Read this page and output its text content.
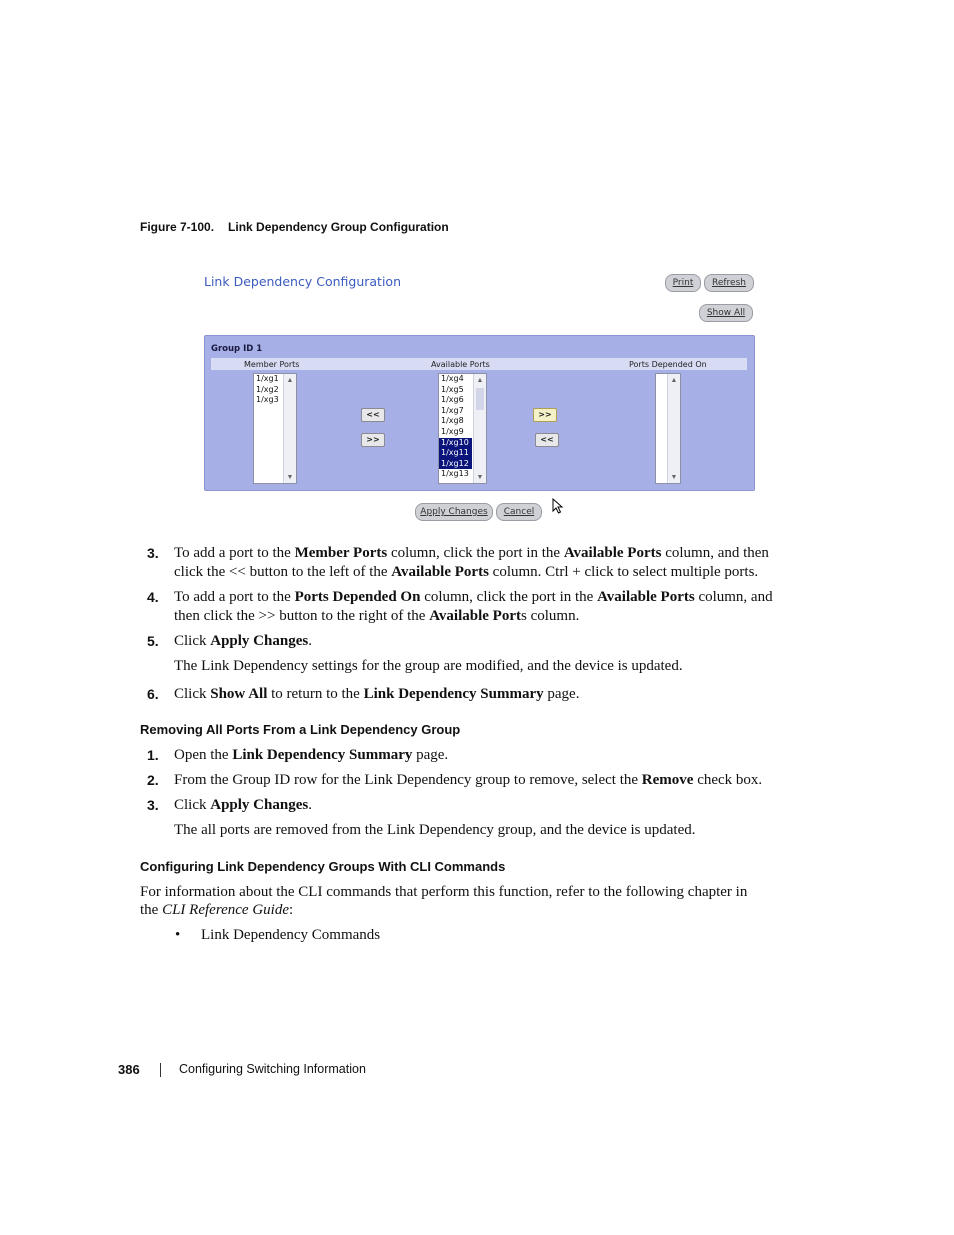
Figure 7-100. Link Dependency Group Configuration
Link Dependency Configuration	Print	Refresh
Show All
Group ID 1
Member Ports	Available Ports	Ports Depended On
1/xg1
1/xg2
1/xg3
▲
▼
<<
>>
1/xg4
1/xg5
1/xg6
1/xg7
1/xg8
1/xg9
1/xg10
1/xg11
1/xg12
1/xg13
▲
▼
>>
<<
▲
▼
Apply Changes	Cancel
3. To add a port to the Member Ports column, click the port in the Available Ports column, and then
click the << button to the left of the Available Ports column. Ctrl + click to select multiple ports.
4. To add a port to the Ports Depended On column, click the port in the Available Ports column, and
then click the >> button to the right of the Available Ports column.
5. Click Apply Changes.
The Link Dependency settings for the group are modified, and the device is updated.
6. Click Show All to return to the Link Dependency Summary page.
Removing All Ports From a Link Dependency Group
1. Open the Link Dependency Summary page.
2. From the Group ID row for the Link Dependency group to remove, select the Remove check box.
3. Click Apply Changes.
The all ports are removed from the Link Dependency group, and the device is updated.
Configuring Link Dependency Groups With CLI Commands
For information about the CLI commands that perform this function, refer to the following chapter in
the CLI Reference Guide:
• Link Dependency Commands
386	Configuring Switching Information
